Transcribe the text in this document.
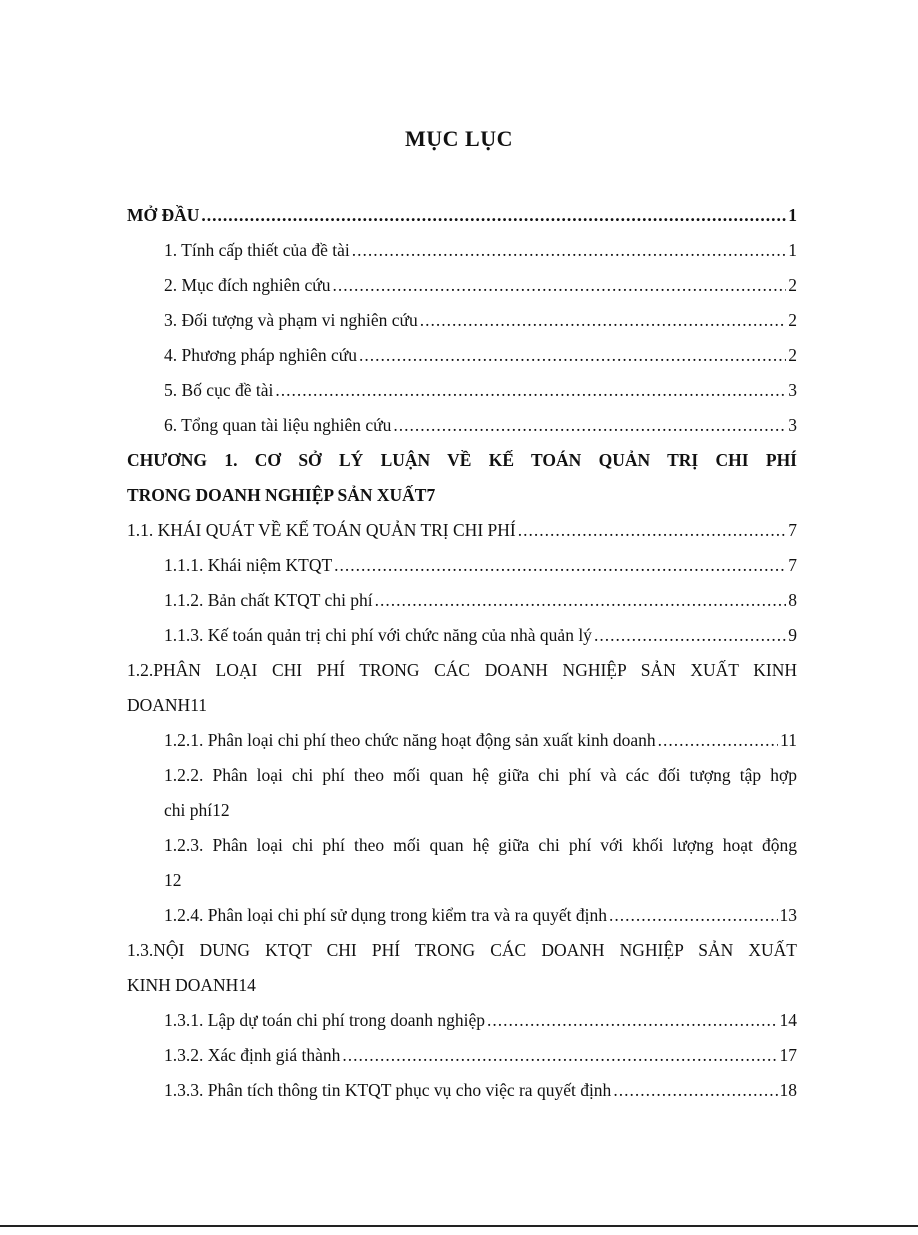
MỤC LỤC
MỞ ĐẦU .....	1
1. Tính cấp thiết của đề tài .....	1
2. Mục đích nghiên cứu .....	2
3. Đối tượng và phạm vi nghiên cứu .....	2
4. Phương pháp nghiên cứu .....	2
5. Bố cục đề tài .....	3
6. Tổng quan tài liệu nghiên cứu .....	3
CHƯƠNG 1. CƠ SỞ LÝ LUẬN VỀ KẾ TOÁN QUẢN TRỊ CHI PHÍ
TRONG DOANH NGHIỆP SẢN XUẤT 7
1.1. KHÁI QUÁT VỀ KẾ TOÁN QUẢN TRỊ CHI PHÍ .....	7
1.1.1. Khái niệm KTQT .....	7
1.1.2. Bản chất KTQT chi phí .....	8
1.1.3. Kế toán quản trị chi phí với chức năng của nhà quản lý .....	9
1.2.PHÂN LOẠI CHI PHÍ TRONG CÁC DOANH NGHIỆP SẢN XUẤT KINH
DOANH 11
1.2.1. Phân loại chi phí theo chức năng hoạt động sản xuất kinh doanh .....	11
1.2.2. Phân loại chi phí theo mối quan hệ giữa chi phí và các đối tượng tập hợp
chi phí 12
1.2.3. Phân loại chi phí theo mối quan hệ giữa chi phí với khối lượng hoạt động
12
1.2.4. Phân loại chi phí sử dụng trong kiểm tra và ra quyết định .....	13
1.3.NỘI DUNG KTQT CHI PHÍ TRONG CÁC DOANH NGHIỆP SẢN XUẤT
KINH DOANH 14
1.3.1. Lập dự toán chi phí trong doanh nghiệp .....	14
1.3.2. Xác định giá thành .....	17
1.3.3. Phân tích thông tin KTQT phục vụ cho việc ra quyết định .....	18
